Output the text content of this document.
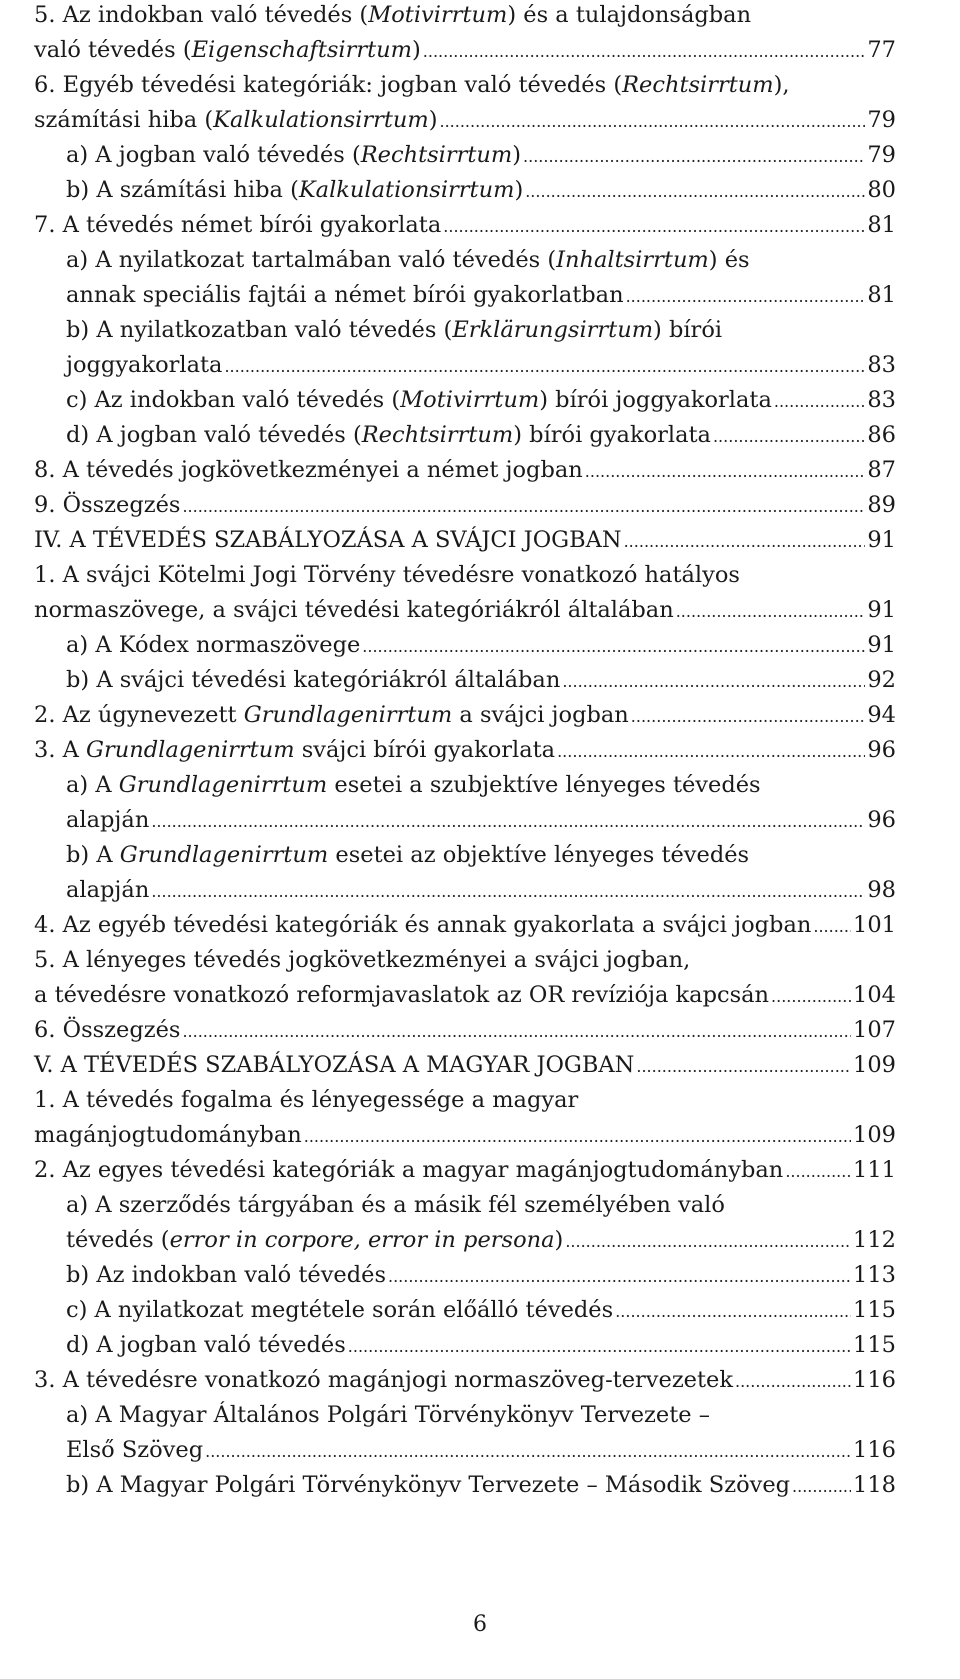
5. Az indokban való tévedés (Motivirrtum) és a tulajdonságban
való tévedés (Eigenschaftsirrtum) .....	77
6. Egyéb tévedési kategóriák: jogban való tévedés (Rechtsirrtum),
számítási hiba (Kalkulationsirrtum) .....	79
a) A jogban való tévedés (Rechtsirrtum) .....	79
b) A számítási hiba (Kalkulationsirrtum) .....	80
7. A tévedés német bírói gyakorlata .....	81
a) A nyilatkozat tartalmában való tévedés (Inhaltsirrtum) és
annak speciális fajtái a német bírói gyakorlatban .....	81
b) A nyilatkozatban való tévedés (Erklärungsirrtum) bírói
joggyakorlata .....	83
c) Az indokban való tévedés (Motivirrtum) bírói joggyakorlata .....	83
d) A jogban való tévedés (Rechtsirrtum) bírói gyakorlata .....	86
8. A tévedés jogkövetkezményei a német jogban .....	87
9. Összegzés .....	89
IV. A TÉVEDÉS SZABÁLYOZÁSA A SVÁJCI JOGBAN .....	91
1. A svájci Kötelmi Jogi Törvény tévedésre vonatkozó hatályos
normaszövege, a svájci tévedési kategóriákról általában .....	91
a) A Kódex normaszövege .....	91
b) A svájci tévedési kategóriákról általában .....	92
2. Az úgynevezett Grundlagenirrtum a svájci jogban .....	94
3. A Grundlagenirrtum svájci bírói gyakorlata .....	96
a) A Grundlagenirrtum esetei a szubjektíve lényeges tévedés
alapján .....	96
b) A Grundlagenirrtum esetei az objektíve lényeges tévedés
alapján .....	98
4. Az egyéb tévedési kategóriák és annak gyakorlata a svájci jogban ..... 101
5. A lényeges tévedés jogkövetkezményei a svájci jogban,
a tévedésre vonatkozó reformjavaslatok az OR revíziója kapcsán .....	104
6. Összegzés .....	107
V. A TÉVEDÉS SZABÁLYOZÁSA A MAGYAR JOGBAN .....	109
1. A tévedés fogalma és lényegessége a magyar
magánjogtudományban .....	109
2. Az egyes tévedési kategóriák a magyar magánjogtudományban .....	111
a) A szerződés tárgyában és a másik fél személyében való
tévedés (error in corpore, error in persona) .....	112
b) Az indokban való tévedés .....	113
c) A nyilatkozat megtétele során előálló tévedés .....	115
d) A jogban való tévedés .....	115
3. A tévedésre vonatkozó magánjogi normaszöveg-tervezetek .....	116
a) A Magyar Általános Polgári Törvénykönyv Tervezete –
Első Szöveg .....	116
b) A Magyar Polgári Törvénykönyv Tervezete – Második Szöveg .....	118
6
